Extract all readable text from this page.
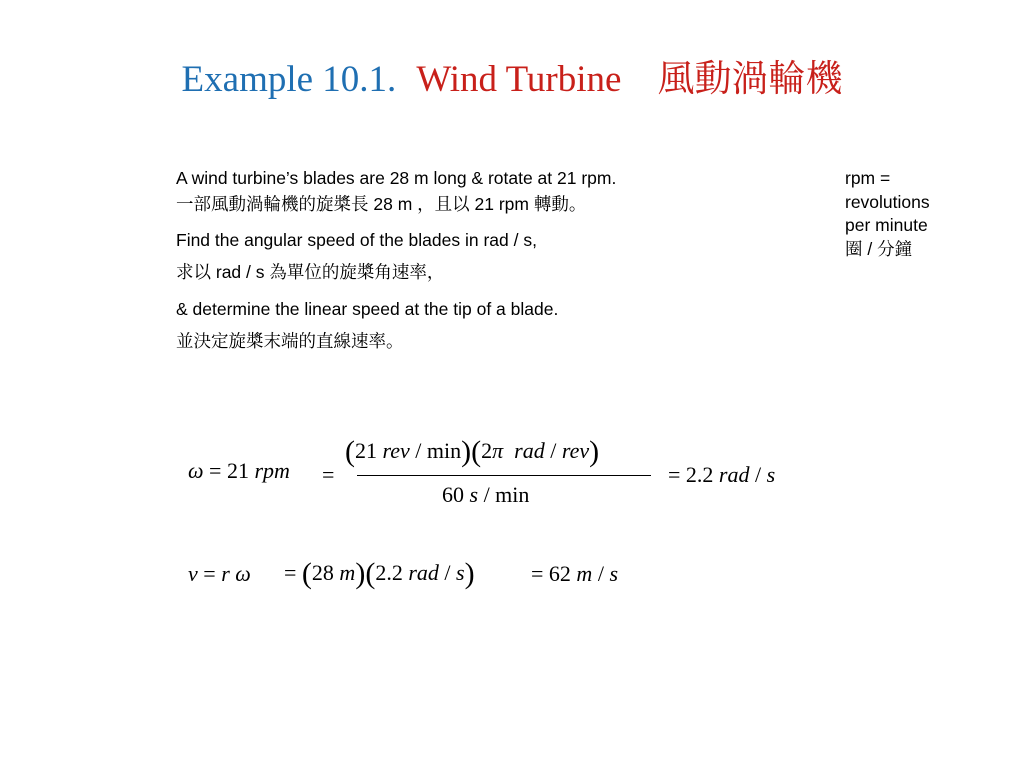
Example 10.1. Wind Turbine 風動渦輪機
A wind turbine’s blades are 28 m long & rotate at 21 rpm.
一部風動渦輪機的旋槳長 28 m ，且以 21 rpm 轉動。
Find the angular speed of the blades in rad / s,
求以 rad / s 為單位的旋槳角速率，
& determine the linear speed at the tip of a blade.
並決定旋槳末端的直線速率。
rpm =
revolutions
per minute
圈 / 分鐘
ω = 21 rpm =
(21 rev / min)(2π rad / rev)
60 s / min
= 2.2 rad / s
v = r ω = (28 m)(2.2 rad / s)	= 62 m / s
